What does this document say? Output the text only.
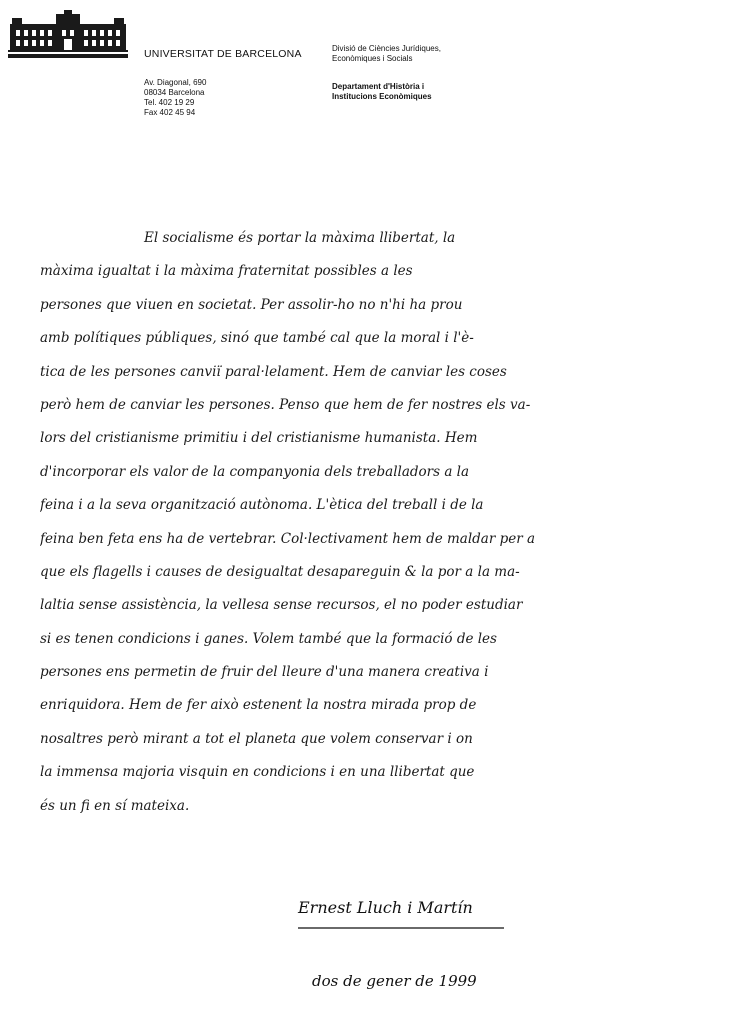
UNIVERSITAT DE BARCELONA
Av. Diagonal, 690
08034 Barcelona
Tel. 402 19 29
Fax 402 45 94
Divisió de Ciències Jurídiques,
Econòmiques i Socials
Departament d'Història i
Institucions Econòmiques
El socialisme és portar la màxima llibertat, la
màxima igualtat i la màxima fraternitat possibles a les
persones que viuen en societat. Per assolir-ho no n'hi ha prou
amb polítiques públiques, sinó que també cal que la moral i l'è-
tica de les persones canviï paral·lelament. Hem de canviar les coses
però hem de canviar les persones. Penso que hem de fer nostres els va-
lors del cristianisme primitiu i del cristianisme humanista. Hem
d'incorporar els valor de la companyonia dels treballadors a la
feina i a la seva organització autònoma. L'ètica del treball i de la
feina ben feta ens ha de vertebrar. Col·lectivament hem de maldar per a
que els flagells i causes de desigualtat desapareguin & la por a la ma-
laltia sense assistència, la vellesa sense recursos, el no poder estudiar
si es tenen condicions i ganes. Volem també que la formació de les
persones ens permetin de fruir del lleure d'una manera creativa i
enriquidora. Hem de fer això estenent la nostra mirada prop de
nosaltres però mirant a tot el planeta que volem conservar i on
la immensa majoria visquin en condicions i en una llibertat que
és un fi en sí mateixa.
Ernest Lluch i Martín
dos de gener de 1999
